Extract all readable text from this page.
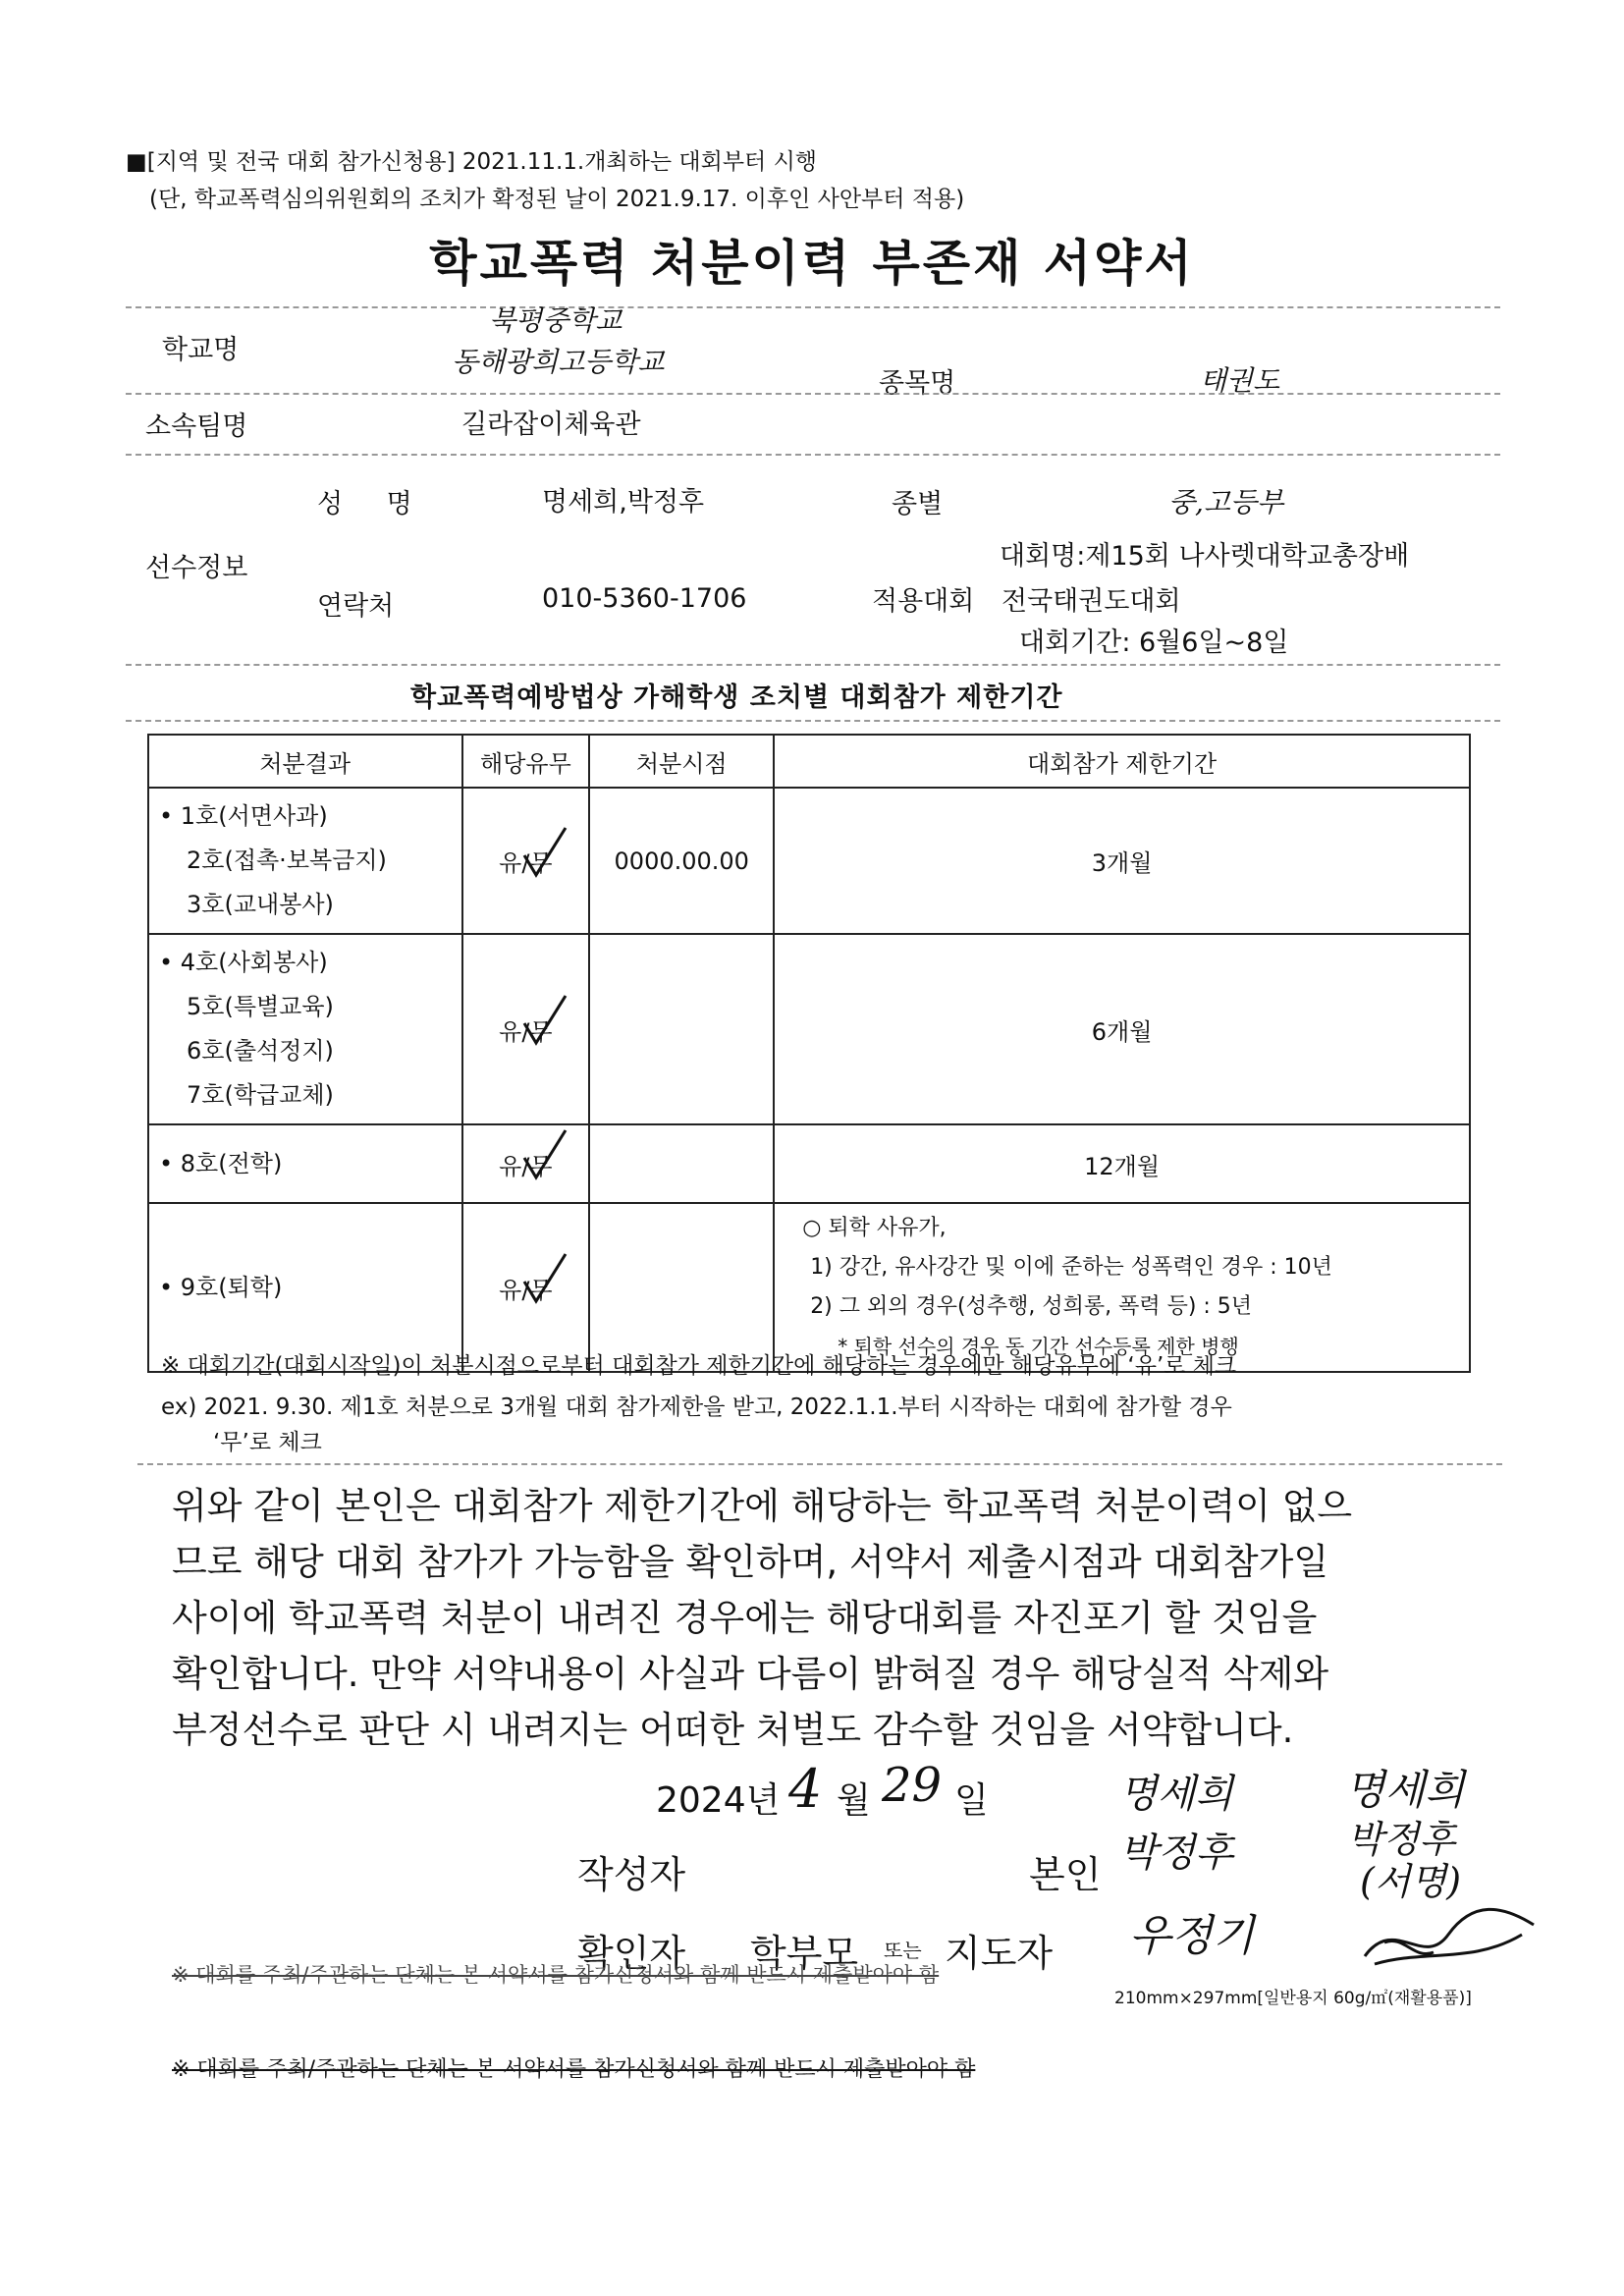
■[지역 및 전국 대회 참가신청용] 2021.11.1.개최하는 대회부터 시행
(단, 학교폭력심의위원회의 조치가 확정된 날이 2021.9.17. 이후인 사안부터 적용)
학교폭력 처분이력 부존재 서약서
학교명
북평중학교
동해광희고등학교
종목명	태권도
소속팀명	길라잡이체육관
성 명	명세희,박정후	종별	중,고등부
선수정보	대회명:제15회 나사렛대학교총장배
연락처	010-5360-1706	적용대회 전국태권도대회
대회기간: 6월6일~8일
학교폭력예방법상 가해학생 조치별 대회참가 제한기간
처분결과	해당유무	처분시점	대회참가 제한기간

• 1호(서면사과)
2호(접촉·보복금지)
3호(교내봉사)	유/무	0000.00.00	3개월

• 4호(사회봉사)
5호(특별교육)
6호(출석정지)
7호(학급교체)	유/무		6개월

• 8호(전학)	유/무		12개월

• 9호(퇴학)	유/무		○ 퇴학 사유가,
1) 강간, 유사강간 및 이에 준하는 성폭력인 경우 : 10년
2) 그 외의 경우(성추행, 성희롱, 폭력 등) : 5년
* 퇴학 선수의 경우 동 기간 선수등록 제한 병행
※ 대회기간(대회시작일)이 처분시점으로부터 대회참가 제한기간에 해당하는 경우에만 해당유무에 ‘유’로 체크
ex) 2021. 9.30. 제1호 처분으로 3개월 대회 참가제한을 받고, 2022.1.1.부터 시작하는 대회에 참가할 경우
‘무’로 체크
위와 같이 본인은 대회참가 제한기간에 해당하는 학교폭력 처분이력이 없으
므로 해당 대회 참가가 가능함을 확인하며, 서약서 제출시점과 대회참가일
사이에 학교폭력 처분이 내려진 경우에는 해당대회를 자진포기 할 것임을
확인합니다. 만약 서약내용이 사실과 다름이 밝혀질 경우 해당실적 삭제와
부정선수로 판단 시 내려지는 어떠한 처벌도 감수할 것임을 서약합니다.
2024년 4 월 29 일	명세희	명세희
작성자	본인 박정후	박정후
(서명)
확인자 학부모 또는 지도자 우정기
※ 대회를 주최/주관하는 단체는 본 서약서를 참가신청서와 함께 반드시 제출받아야 함
210mm×297mm[일반용지 60g/㎡(재활용품)]
※ 대회를 주최/주관하는 단체는 본 서약서를 참가신청서와 함께 반드시 제출받아야 함
